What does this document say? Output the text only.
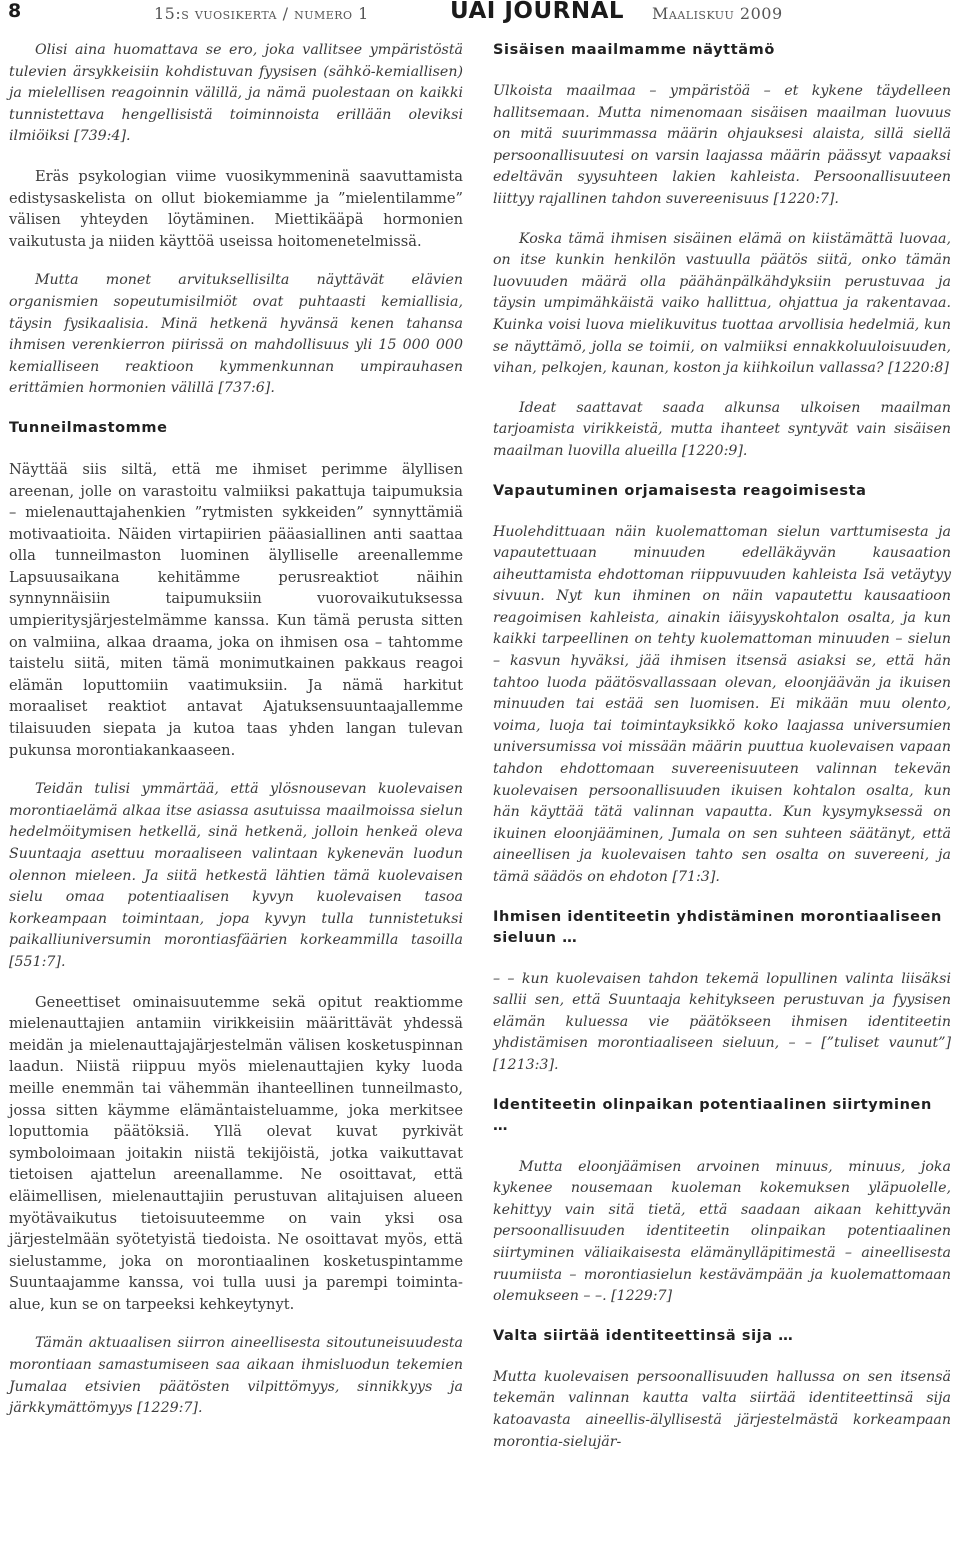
8	15:s vuosikerta / numero 1	UAI JOURNAL Maaliskuu 2009

Olisi aina huomattava se ero, joka vallitsee ympäristöstä tulevien ärsykkeisiin kohdistuvan fyysisen (sähkö-kemiallisen) ja mielellisen reagoinnin välillä, ja nämä puolestaan on kaikki tunnistettava hengellisistä toiminnoista erillään oleviksi ilmiöiksi [739:4].

Eräs psykologian viime vuosikymmeninä saavuttamista edistysaskelista on ollut biokemiamme ja ”mielentilamme” välisen yhteyden löytäminen. Miettikääpä hormonien vaikutusta ja niiden käyttöä useissa hoitomenetelmissä.

Mutta monet arvituksellisilta näyttävät elävien organismien sopeutumisilmiöt ovat puhtaasti kemiallisia, täysin fysikaalisia. Minä hetkenä hyvänsä kenen tahansa ihmisen verenkierron piirissä on mahdollisuus yli 15 000 000 kemialliseen reaktioon kymmenkunnan umpirauhasen erittämien hormonien välillä [737:6].

Tunneilmastomme

Näyttää siis siltä, että me ihmiset perimme älyllisen areenan, jolle on varastoitu valmiiksi pakattuja taipumuksia – mielenauttajahenkien ”rytmisten sykkeiden” synnyttämiä motivaatioita. Näiden virtapiirien pääasiallinen anti saattaa olla tunneilmaston luominen älylliselle areenallemme Lapsuusaikana kehitämme perusreaktiot näihin synnynnäisiin taipumuksiin vuorovaikutuksessa umpieritysjärjestelmämme kanssa. Kun tämä perusta sitten on valmiina, alkaa draama, joka on ihmisen osa – tahtomme taistelu siitä, miten tämä monimutkainen pakkaus reagoi elämän loputtomiin vaatimuksiin. Ja nämä harkitut moraaliset reaktiot antavat Ajatuksensuuntaajallemme tilaisuuden siepata ja kutoa taas yhden langan tulevan pukunsa morontiakankaaseen.

Teidän tulisi ymmärtää, että ylösnousevan kuolevaisen morontiaelämä alkaa itse asiassa asutuissa maailmoissa sielun hedelmöitymisen hetkellä, sinä hetkenä, jolloin henkeä oleva Suuntaaja asettuu moraaliseen valintaan kykenevän luodun olennon mieleen. Ja siitä hetkestä lähtien tämä kuolevaisen sielu omaa potentiaalisen kyvyn kuolevaisen tasoa korkeampaan toimintaan, jopa kyvyn tulla tunnistetuksi paikalliuniversumin morontiasfäärien korkeammilla tasoilla [551:7].

Geneettiset ominaisuutemme sekä opitut reaktiomme mielenauttajien antamiin virikkeisiin määrittävät yhdessä meidän ja mielenauttajajärjestelmän välisen kosketuspinnan laadun. Niistä riippuu myös mielenauttajien kyky luoda meille enemmän tai vähemmän ihanteellinen tunneilmasto, jossa sitten käymme elämäntaisteluamme, joka merkitsee loputtomia päätöksiä. Yllä olevat kuvat pyrkivät symboloimaan joitakin niistä tekijöistä, jotka vaikuttavat tietoisen ajattelun areenallamme. Ne osoittavat, että eläimellisen, mielenauttajiin perustuvan alitajuisen alueen myötävaikutus tietoisuuteemme on vain yksi osa järjestelmään syötetyistä tiedoista. Ne osoittavat myös, että sielustamme, joka on morontiaalinen kosketuspintamme Suuntaajamme kanssa, voi tulla uusi ja parempi toiminta-alue, kun se on tarpeeksi kehkeytynyt.

Tämän aktuaalisen siirron aineellisesta sitoutuneisuudesta morontiaan samastumiseen saa aikaan ihmisluodun tekemien Jumalaa etsivien päätösten vilpittömyys, sinnikkyys ja järkkymättömyys [1229:7].

Sisäisen maailmamme näyttämö

Ulkoista maailmaa – ympäristöä – et kykene täydelleen hallitsemaan. Mutta nimenomaan sisäisen maailman luovuus on mitä suurimmassa määrin ohjauksesi alaista, sillä siellä persoonallisuutesi on varsin laajassa määrin päässyt vapaaksi edeltävän syysuhteen lakien kahleista. Persoonallisuuteen liittyy rajallinen tahdon suvereenisuus [1220:7].

Koska tämä ihmisen sisäinen elämä on kiistämättä luovaa, on itse kunkin henkilön vastuulla päätös siitä, onko tämän luovuuden määrä olla päähänpälkähdyksiin perustuvaa ja täysin umpimähkäistä vaiko hallittua, ohjattua ja rakentavaa. Kuinka voisi luova mielikuvitus tuottaa arvollisia hedelmiä, kun se näyttämö, jolla se toimii, on valmiiksi ennakkoluuloisuuden, vihan, pelkojen, kaunan, koston ja kiihkoilun vallassa? [1220:8]

Ideat saattavat saada alkunsa ulkoisen maailman tarjoamista virikkeistä, mutta ihanteet syntyvät vain sisäisen maailman luovilla alueilla [1220:9].

Vapautuminen orjamaisesta reagoimisesta

Huolehdittuaan näin kuolemattoman sielun varttumisesta ja vapautettuaan minuuden edelläkäyvän kausaation aiheuttamista ehdottoman riippuvuuden kahleista Isä vetäytyy sivuun. Nyt kun ihminen on näin vapautettu kausaatioon reagoimisen kahleista, ainakin iäisyyskohtalon osalta, ja kun kaikki tarpeellinen on tehty kuolemattoman minuuden – sielun – kasvun hyväksi, jää ihmisen itsensä asiaksi se, että hän tahtoo luoda päätösvallassaan olevan, eloonjäävän ja ikuisen minuuden tai estää sen luomisen. Ei mikään muu olento, voima, luoja tai toimintayksikkö koko laajassa universumien universumissa voi missään määrin puuttua kuolevaisen vapaan tahdon ehdottomaan suvereenisuuteen valinnan tekevän kuolevaisen persoonallisuuden ikuisen kohtalon osalta, kun hän käyttää tätä valinnan vapautta. Kun kysymyksessä on ikuinen eloonjääminen, Jumala on sen suhteen säätänyt, että aineellisen ja kuolevaisen tahto sen osalta on suvereeni, ja tämä säädös on ehdoton [71:3].

Ihmisen identiteetin yhdistäminen morontiaaliseen sieluun …

– – kun kuolevaisen tahdon tekemä lopullinen valinta liisäksi sallii sen, että Suuntaaja kehitykseen perustuvan ja fyysisen elämän kuluessa vie päätökseen ihmisen identiteetin yhdistämisen morontiaaliseen sieluun, – – [”tuliset vaunut”] [1213:3].

Identiteetin olinpaikan potentiaalinen siirtyminen …

Mutta eloonjäämisen arvoinen minuus, minuus, joka kykenee nousemaan kuoleman kokemuksen yläpuolelle, kehittyy vain sitä tietä, että saadaan aikaan kehittyvän persoonallisuuden identiteetin olinpaikan potentiaalinen siirtyminen väliaikaisesta elämänylläpitimestä – aineellisesta ruumiista – morontiasielun kestävämpään ja kuolemattomaan olemukseen – –. [1229:7]

Valta siirtää identiteettinsä sija …

Mutta kuolevaisen persoonallisuuden hallussa on sen itsensä tekemän valinnan kautta valta siirtää identiteettinsä sija katoavasta aineellis-älyllisestä järjestelmästä korkeampaan morontia-sielujär-
